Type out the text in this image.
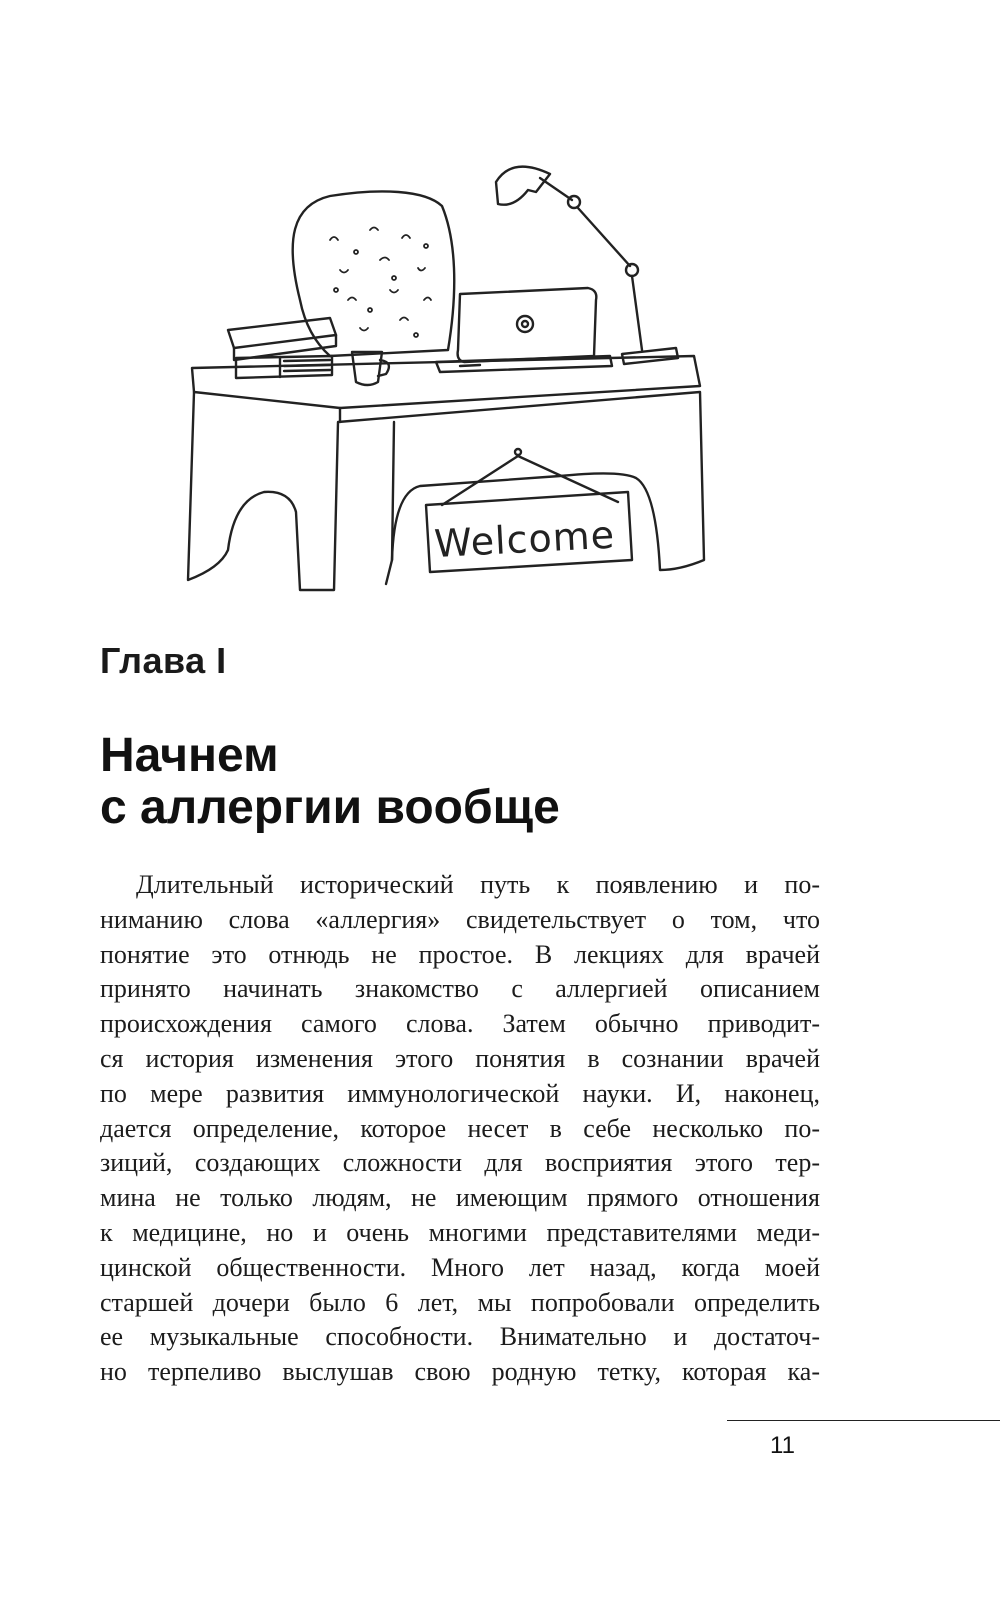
Welcome
Глава I
Начнем
с аллергии вообще
Длительный исторический путь к появлению и по-
ниманию слова «аллергия» свидетельствует о том, что
понятие это отнюдь не простое. В лекциях для врачей
принято начинать знакомство с аллергией описанием
происхождения самого слова. Затем обычно приводит-
ся история изменения этого понятия в сознании врачей
по мере развития иммунологической науки. И, наконец,
дается определение, которое несет в себе несколько по-
зиций, создающих сложности для восприятия этого тер-
мина не только людям, не имеющим прямого отношения
к медицине, но и очень многими представителями меди-
цинской общественности. Много лет назад, когда моей
старшей дочери было 6 лет, мы попробовали определить
ее музыкальные способности. Внимательно и достаточ-
но терпеливо выслушав свою родную тетку, которая ка-
11
